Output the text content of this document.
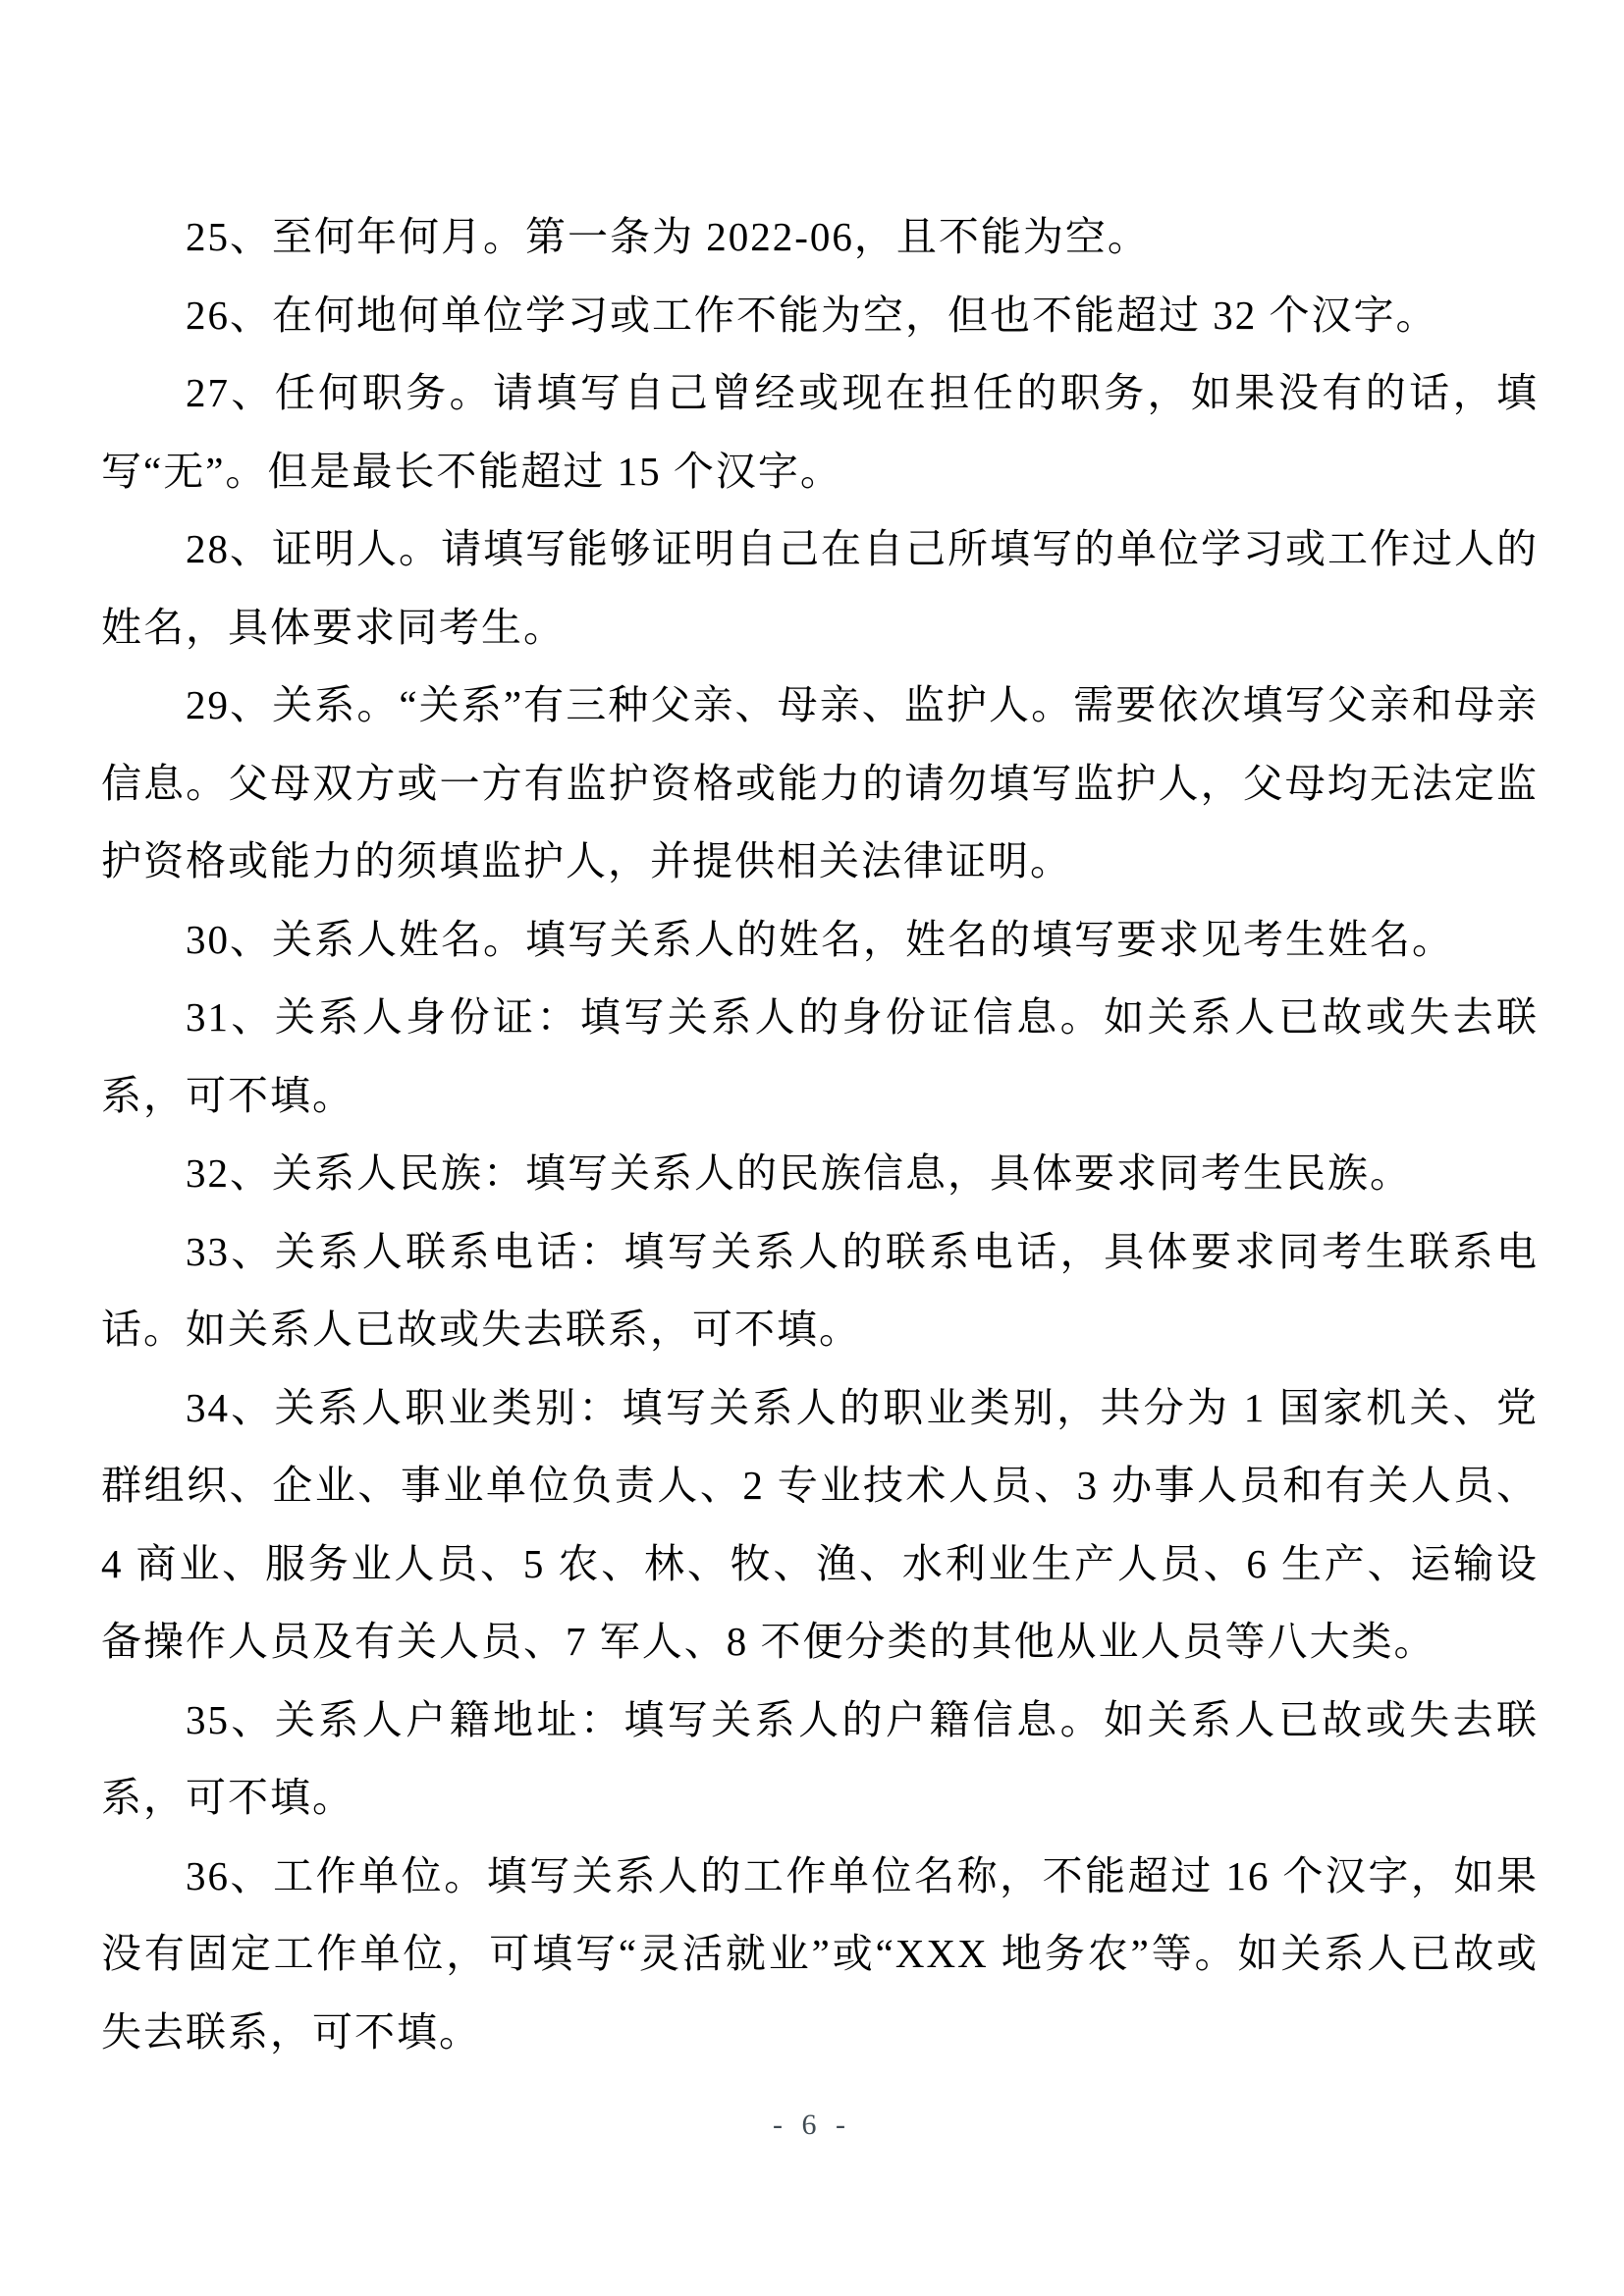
25、至何年何月。第一条为 2022-06，且不能为空。

26、在何地何单位学习或工作不能为空，但也不能超过 32 个汉字。

27、任何职务。请填写自己曾经或现在担任的职务，如果没有的话，填写“无”。但是最长不能超过 15 个汉字。

28、证明人。请填写能够证明自己在自己所填写的单位学习或工作过人的姓名，具体要求同考生。

29、关系。“关系”有三种父亲、母亲、监护人。需要依次填写父亲和母亲信息。父母双方或一方有监护资格或能力的请勿填写监护人，父母均无法定监护资格或能力的须填监护人，并提供相关法律证明。

30、关系人姓名。填写关系人的姓名，姓名的填写要求见考生姓名。

31、关系人身份证：填写关系人的身份证信息。如关系人已故或失去联系，可不填。

32、关系人民族：填写关系人的民族信息，具体要求同考生民族。

33、关系人联系电话：填写关系人的联系电话，具体要求同考生联系电话。如关系人已故或失去联系，可不填。

34、关系人职业类别：填写关系人的职业类别，共分为 1 国家机关、党群组织、企业、事业单位负责人、2 专业技术人员、3 办事人员和有关人员、4 商业、服务业人员、5 农、林、牧、渔、水利业生产人员、6 生产、运输设备操作人员及有关人员、7 军人、8 不便分类的其他从业人员等八大类。

35、关系人户籍地址：填写关系人的户籍信息。如关系人已故或失去联系，可不填。

36、工作单位。填写关系人的工作单位名称，不能超过 16 个汉字，如果没有固定工作单位，可填写“灵活就业”或“XXX 地务农”等。如关系人已故或失去联系，可不填。

- 6 -
